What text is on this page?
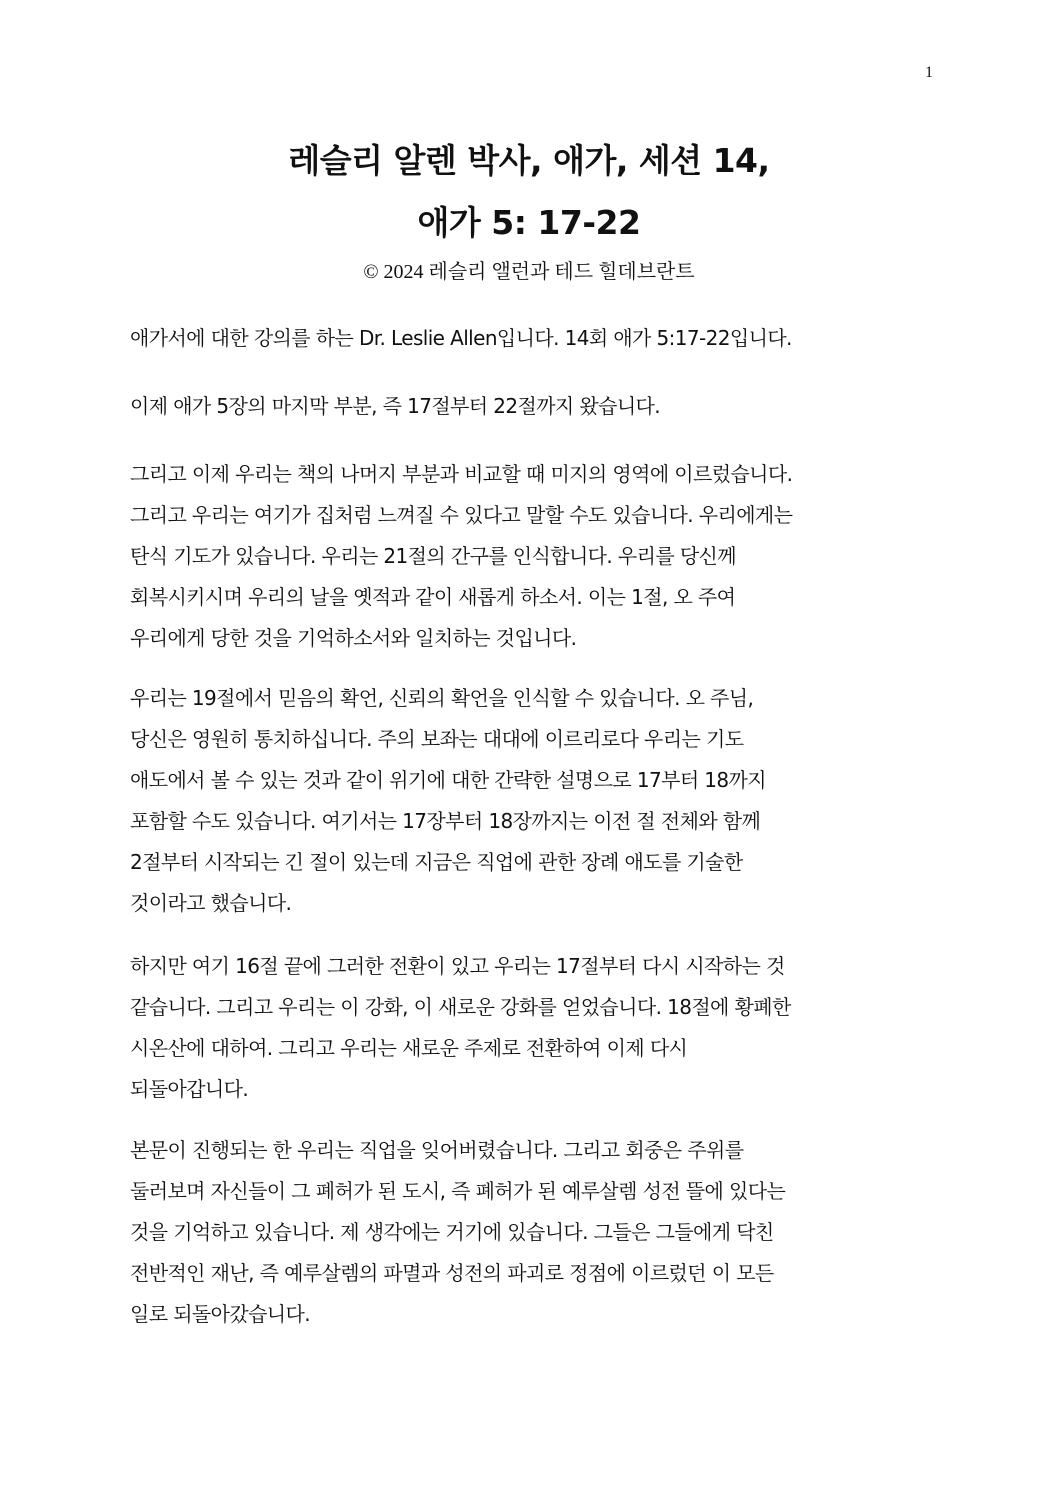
1
레슬리 알렌 박사, 애가, 세션 14,
애가 5: 17-22
© 2024 레슬리 앨런과 테드 힐데브란트
애가서에 대한 강의를 하는 Dr. Leslie Allen입니다. 14회 애가 5:17-22입니다.
이제 애가 5장의 마지막 부분, 즉 17절부터 22절까지 왔습니다.
그리고 이제 우리는 책의 나머지 부분과 비교할 때 미지의 영역에 이르렀습니다.
그리고 우리는 여기가 집처럼 느껴질 수 있다고 말할 수도 있습니다. 우리에게는
탄식 기도가 있습니다. 우리는 21절의 간구를 인식합니다. 우리를 당신께
회복시키시며 우리의 날을 옛적과 같이 새롭게 하소서. 이는 1절, 오 주여
우리에게 당한 것을 기억하소서와 일치하는 것입니다.
우리는 19절에서 믿음의 확언, 신뢰의 확언을 인식할 수 있습니다. 오 주님,
당신은 영원히 통치하십니다. 주의 보좌는 대대에 이르리로다 우리는 기도
애도에서 볼 수 있는 것과 같이 위기에 대한 간략한 설명으로 17부터 18까지
포함할 수도 있습니다. 여기서는 17장부터 18장까지는 이전 절 전체와 함께
2절부터 시작되는 긴 절이 있는데 지금은 직업에 관한 장례 애도를 기술한
것이라고 했습니다.
하지만 여기 16절 끝에 그러한 전환이 있고 우리는 17절부터 다시 시작하는 것
같습니다. 그리고 우리는 이 강화, 이 새로운 강화를 얻었습니다. 18절에 황폐한
시온산에 대하여. 그리고 우리는 새로운 주제로 전환하여 이제 다시
되돌아갑니다.
본문이 진행되는 한 우리는 직업을 잊어버렸습니다. 그리고 회중은 주위를
둘러보며 자신들이 그 폐허가 된 도시, 즉 폐허가 된 예루살렘 성전 뜰에 있다는
것을 기억하고 있습니다. 제 생각에는 거기에 있습니다. 그들은 그들에게 닥친
전반적인 재난, 즉 예루살렘의 파멸과 성전의 파괴로 정점에 이르렀던 이 모든
일로 되돌아갔습니다.
